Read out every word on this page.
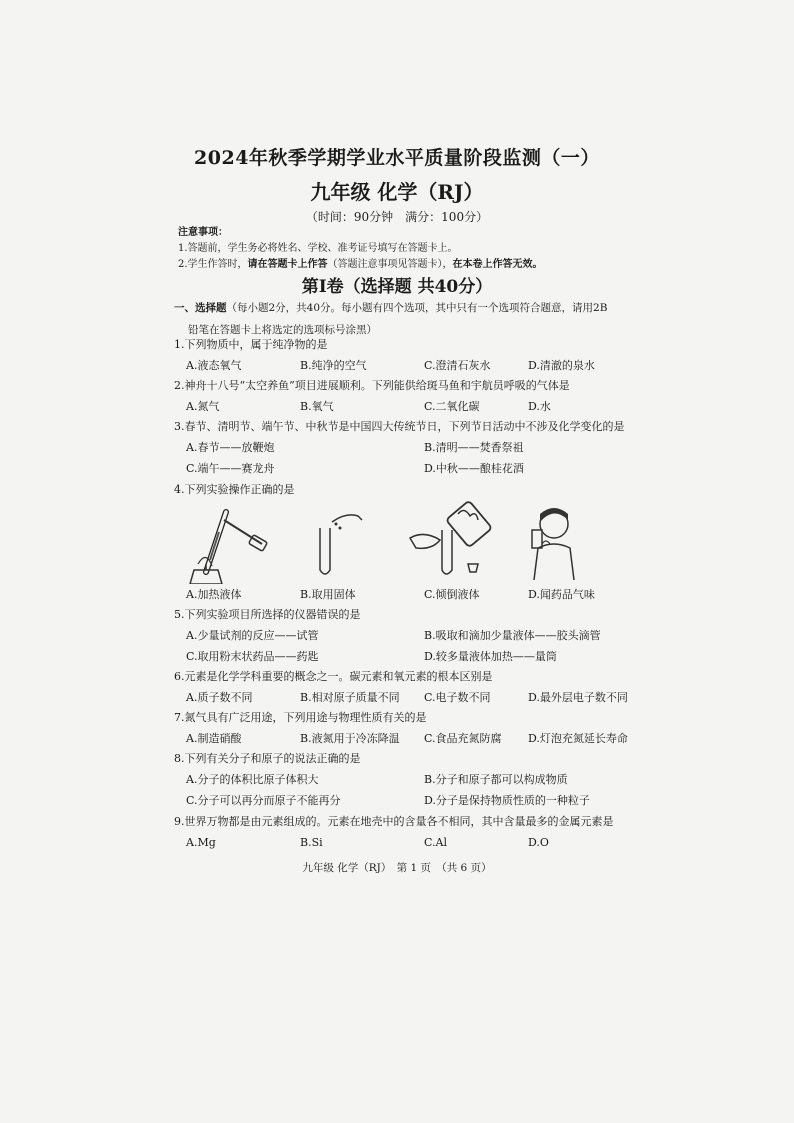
2024年秋季学期学业水平质量阶段监测（一）
九年级 化学（RJ）
（时间：90分钟　满分：100分）
注意事项：
1.答题前，学生务必将姓名、学校、准考证号填写在答题卡上。
2.学生作答时，请在答题卡上作答（答题注意事项见答题卡），在本卷上作答无效。
第Ⅰ卷（选择题 共40分）
一、选择题（每小题2分，共40分。每小题有四个选项，其中只有一个选项符合题意，请用2B
铅笔在答题卡上将选定的选项标号涂黑）
1.下列物质中，属于纯净物的是
A.液态氧气	B.纯净的空气	C.澄清石灰水	D.清澈的泉水
2.神舟十八号“太空养鱼”项目进展顺利。下列能供给斑马鱼和宇航员呼吸的气体是
A.氮气	B.氧气	C.二氧化碳	D.水
3.春节、清明节、端午节、中秋节是中国四大传统节日，下列节日活动中不涉及化学变化的是
A.春节——放鞭炮	B.清明——焚香祭祖
C.端午——赛龙舟	D.中秋——酿桂花酒
4.下列实验操作正确的是
A.加热液体	B.取用固体	C.倾倒液体	D.闻药品气味
5.下列实验项目所选择的仪器错误的是
A.少量试剂的反应——试管	B.吸取和滴加少量液体——胶头滴管
C.取用粉末状药品——药匙	D.较多量液体加热——量筒
6.元素是化学学科重要的概念之一。碳元素和氧元素的根本区别是
A.质子数不同	B.相对原子质量不同 C.电子数不同	D.最外层电子数不同
7.氮气具有广泛用途，下列用途与物理性质有关的是
A.制造硝酸	B.液氮用于冷冻降温 C.食品充氮防腐 D.灯泡充氮延长寿命
8.下列有关分子和原子的说法正确的是
A.分子的体积比原子体积大	B.分子和原子都可以构成物质
C.分子可以再分而原子不能再分	D.分子是保持物质性质的一种粒子
9.世界万物都是由元素组成的。元素在地壳中的含量各不相同，其中含量最多的金属元素是
A.Mg	B.Si	C.Al	D.O
九年级 化学（RJ）　第 1 页　（共 6 页）
